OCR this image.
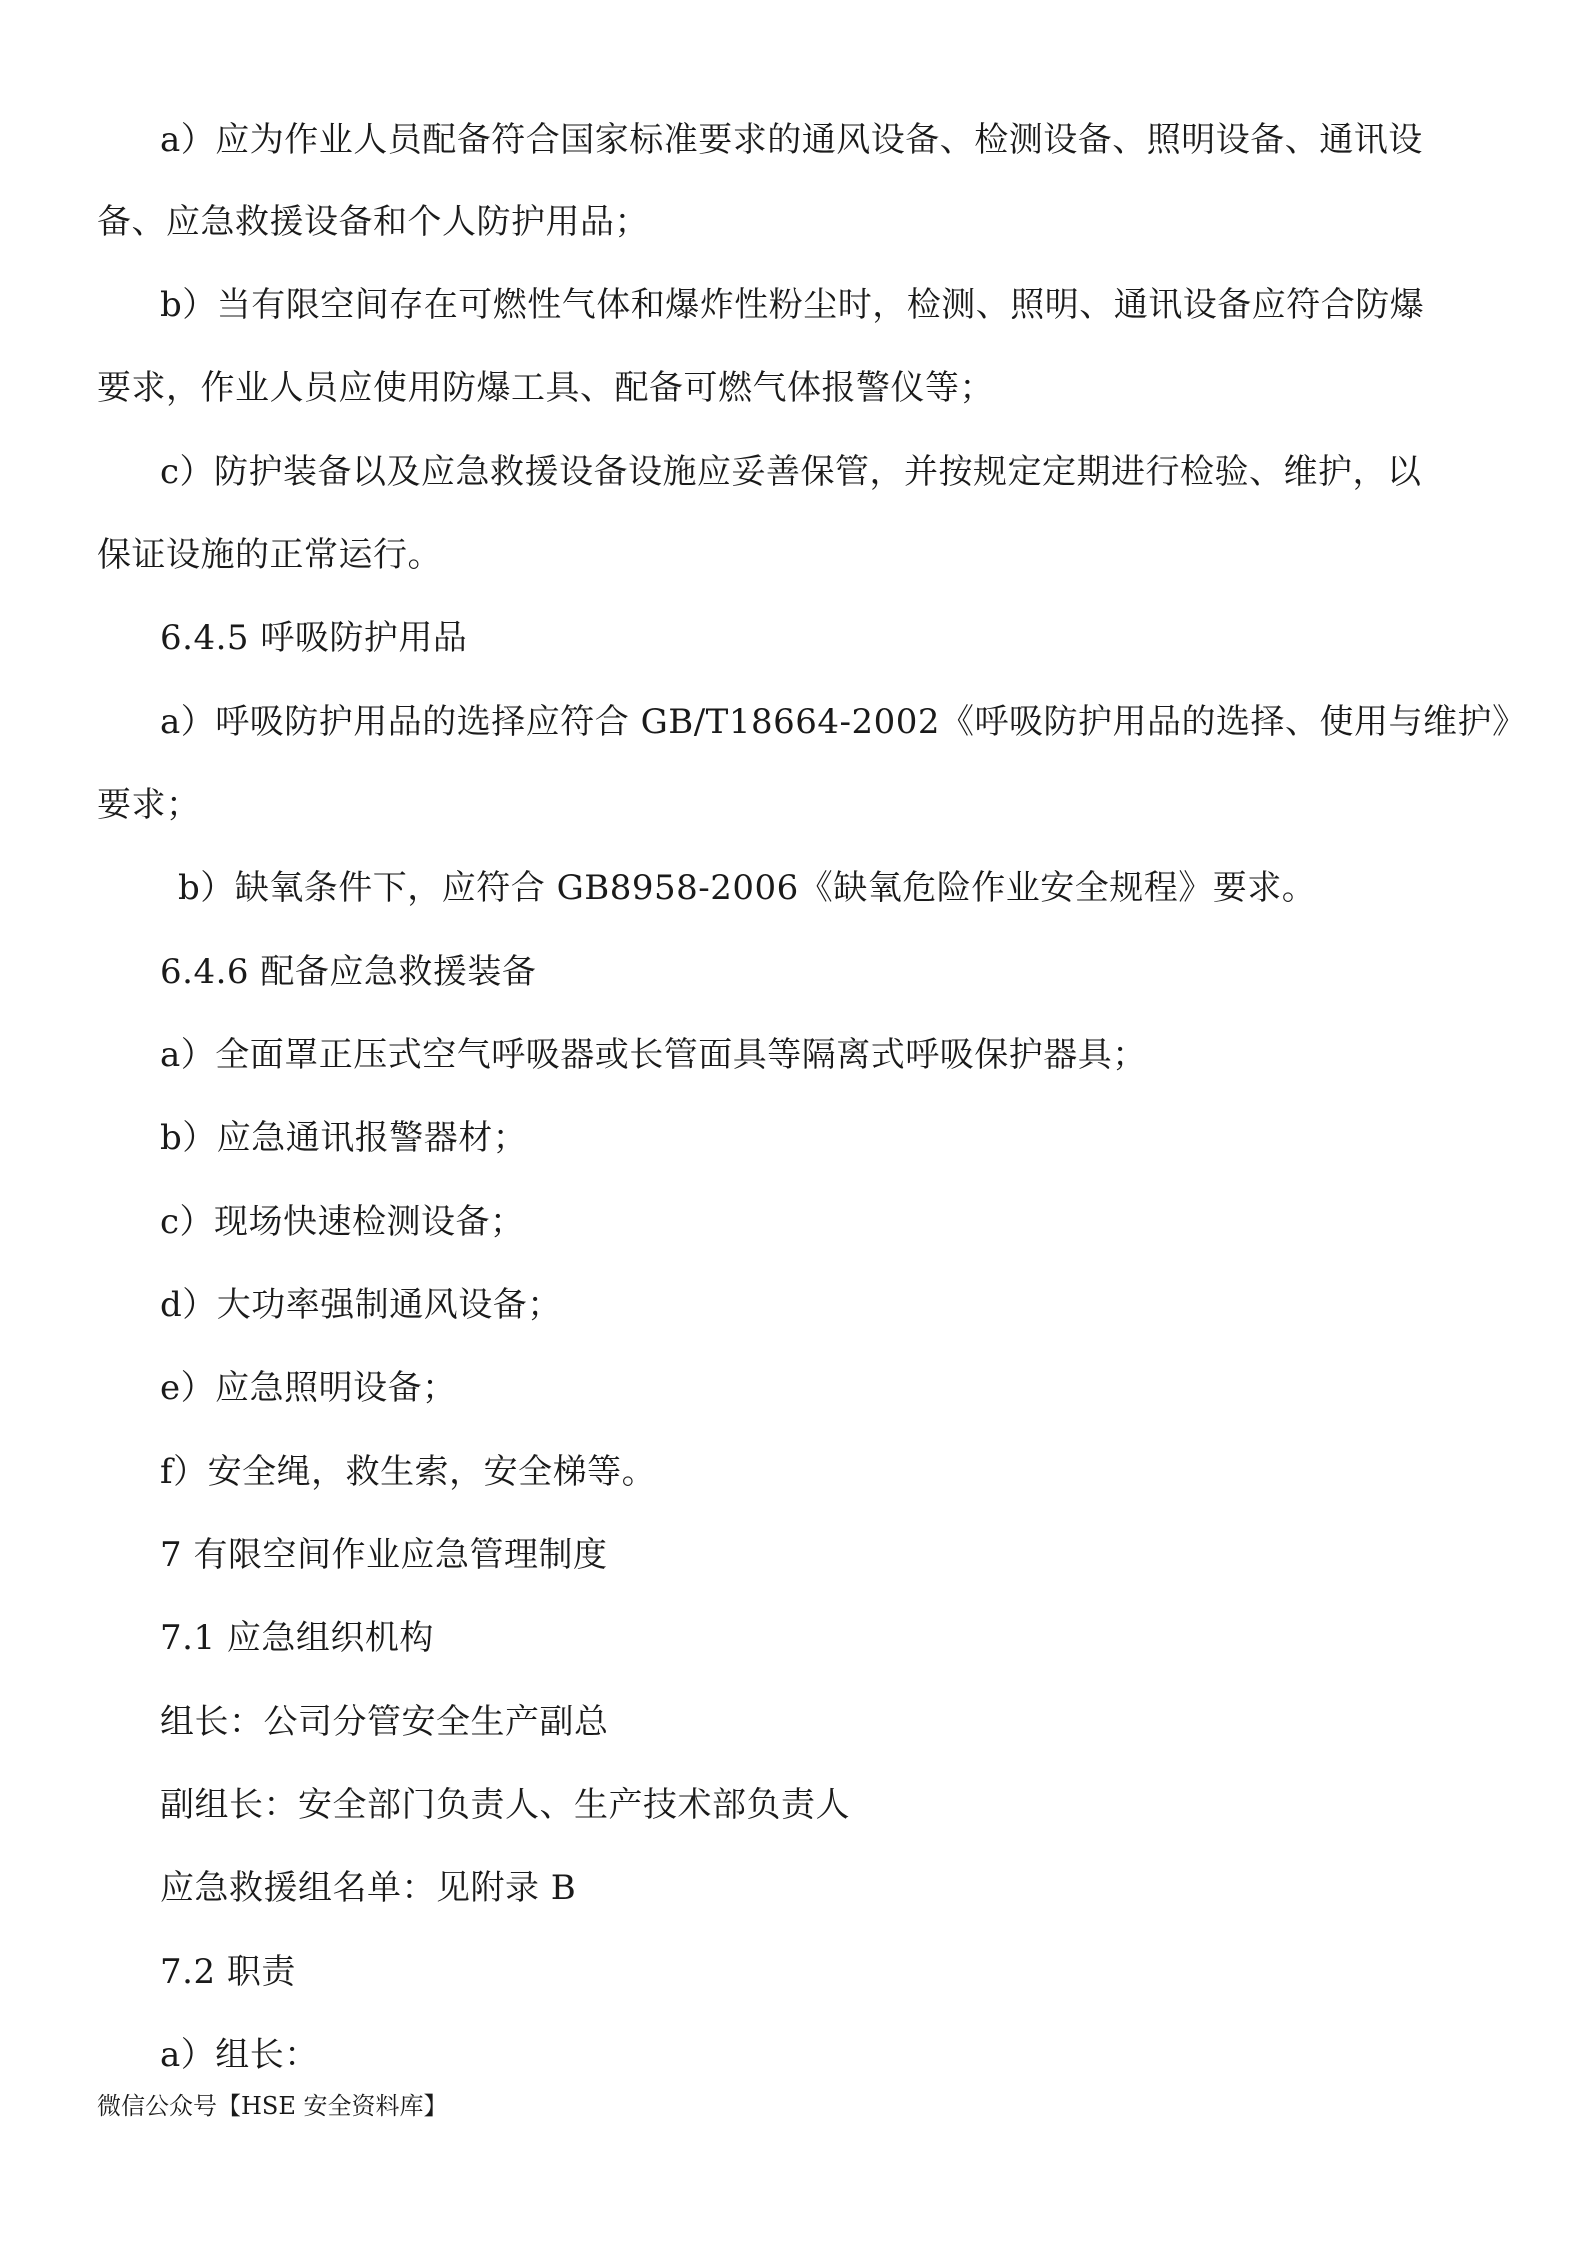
a）应为作业人员配备符合国家标准要求的通风设备、检测设备、照明设备、通讯设
备、应急救援设备和个人防护用品；
b）当有限空间存在可燃性气体和爆炸性粉尘时，检测、照明、通讯设备应符合防爆
要求，作业人员应使用防爆工具、配备可燃气体报警仪等；
c）防护装备以及应急救援设备设施应妥善保管，并按规定定期进行检验、维护，以
保证设施的正常运行。
6.4.5 呼吸防护用品
a）呼吸防护用品的选择应符合 GB/T18664-2002《呼吸防护用品的选择、使用与维护》
要求；
b）缺氧条件下，应符合 GB8958-2006《缺氧危险作业安全规程》要求。
6.4.6 配备应急救援装备
a）全面罩正压式空气呼吸器或长管面具等隔离式呼吸保护器具；
b）应急通讯报警器材；
c）现场快速检测设备；
d）大功率强制通风设备；
e）应急照明设备；
f）安全绳，救生索，安全梯等。
7 有限空间作业应急管理制度
7.1 应急组织机构
组长：公司分管安全生产副总
副组长：安全部门负责人、生产技术部负责人
应急救援组名单：见附录 B
7.2 职责
a）组长：
微信公众号【HSE 安全资料库】
